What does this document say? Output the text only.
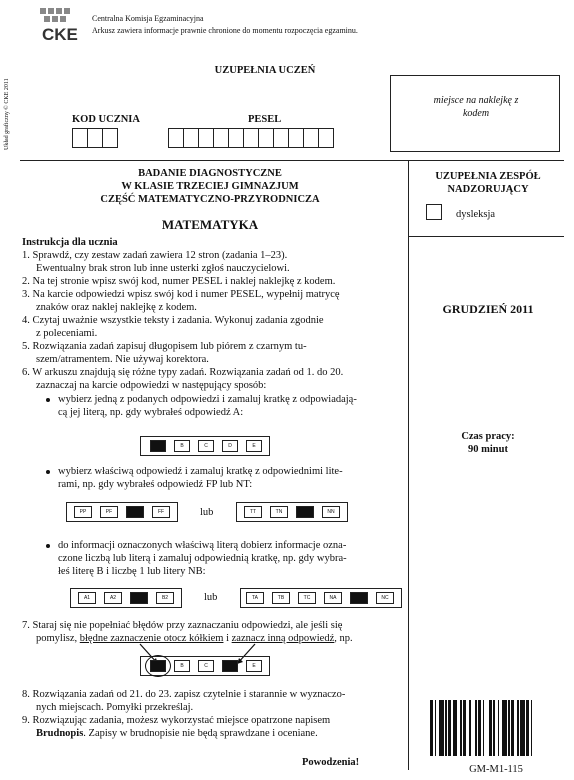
CKE
Centralna Komisja Egzaminacyjna
Arkusz zawiera informacje prawnie chronione do momentu rozpoczęcia egzaminu.
Układ graficzny © CKE 2011
UZUPEŁNIA UCZEŃ
KOD UCZNIA	PESEL
miejsce na naklejkę z kodem
BADANIE DIAGNOSTYCZNE
W KLASIE TRZECIEJ GIMNAZJUM
CZĘŚĆ MATEMATYCZNO-PRZYRODNICZA
MATEMATYKA
Instrukcja dla ucznia
1. Sprawdź, czy zestaw zadań zawiera 12 stron (zadania 1–23).
Ewentualny brak stron lub inne usterki zgłoś nauczycielowi.
2. Na tej stronie wpisz swój kod, numer PESEL i naklej naklejkę z kodem.
3. Na karcie odpowiedzi wpisz swój kod i numer PESEL, wypełnij matrycę
znaków oraz naklej naklejkę z kodem.
4. Czytaj uważnie wszystkie teksty i zadania. Wykonuj zadania zgodnie
z poleceniami.
5. Rozwiązania zadań zapisuj długopisem lub piórem z czarnym tu-
szem/atramentem. Nie używaj korektora.
6. W arkuszu znajdują się różne typy zadań. Rozwiązania zadań od 1. do 20.
zaznaczaj na karcie odpowiedzi w następujący sposób:
wybierz jedną z podanych odpowiedzi i zamaluj kratkę z odpowiadają-
cą jej literą, np. gdy wybrałeś odpowiedź A:
B	C	D	E
wybierz właściwą odpowiedź i zamaluj kratkę z odpowiednimi lite-
rami, np. gdy wybrałeś odpowiedź FP lub NT:
PP	PF	FF	lub	TT	TN	NN
do informacji oznaczonych właściwą literą dobierz informacje ozna-
czone liczbą lub literą i zamaluj odpowiednią kratkę, np. gdy wybra-
łeś literę B i liczbę 1 lub litery NB:
A1	A2	B2	lub	TA	TB	TC	NA	NC
7. Staraj się nie popełniać błędów przy zaznaczaniu odpowiedzi, ale jeśli się
pomylisz, błędne zaznaczenie otocz kółkiem i zaznacz inną odpowiedź, np.
B	C	E
8. Rozwiązania zadań od 21. do 23. zapisz czytelnie i starannie w wyznaczo-
nych miejscach. Pomyłki przekreślaj.
9. Rozwiązując zadania, możesz wykorzystać miejsce opatrzone napisem
Brudnopis. Zapisy w brudnopisie nie będą sprawdzane i oceniane.
Powodzenia!
UZUPEŁNIA ZESPÓŁ NADZORUJĄCY
dysleksja
GRUDZIEŃ 2011
Czas pracy:
90 minut
GM-M1-115
